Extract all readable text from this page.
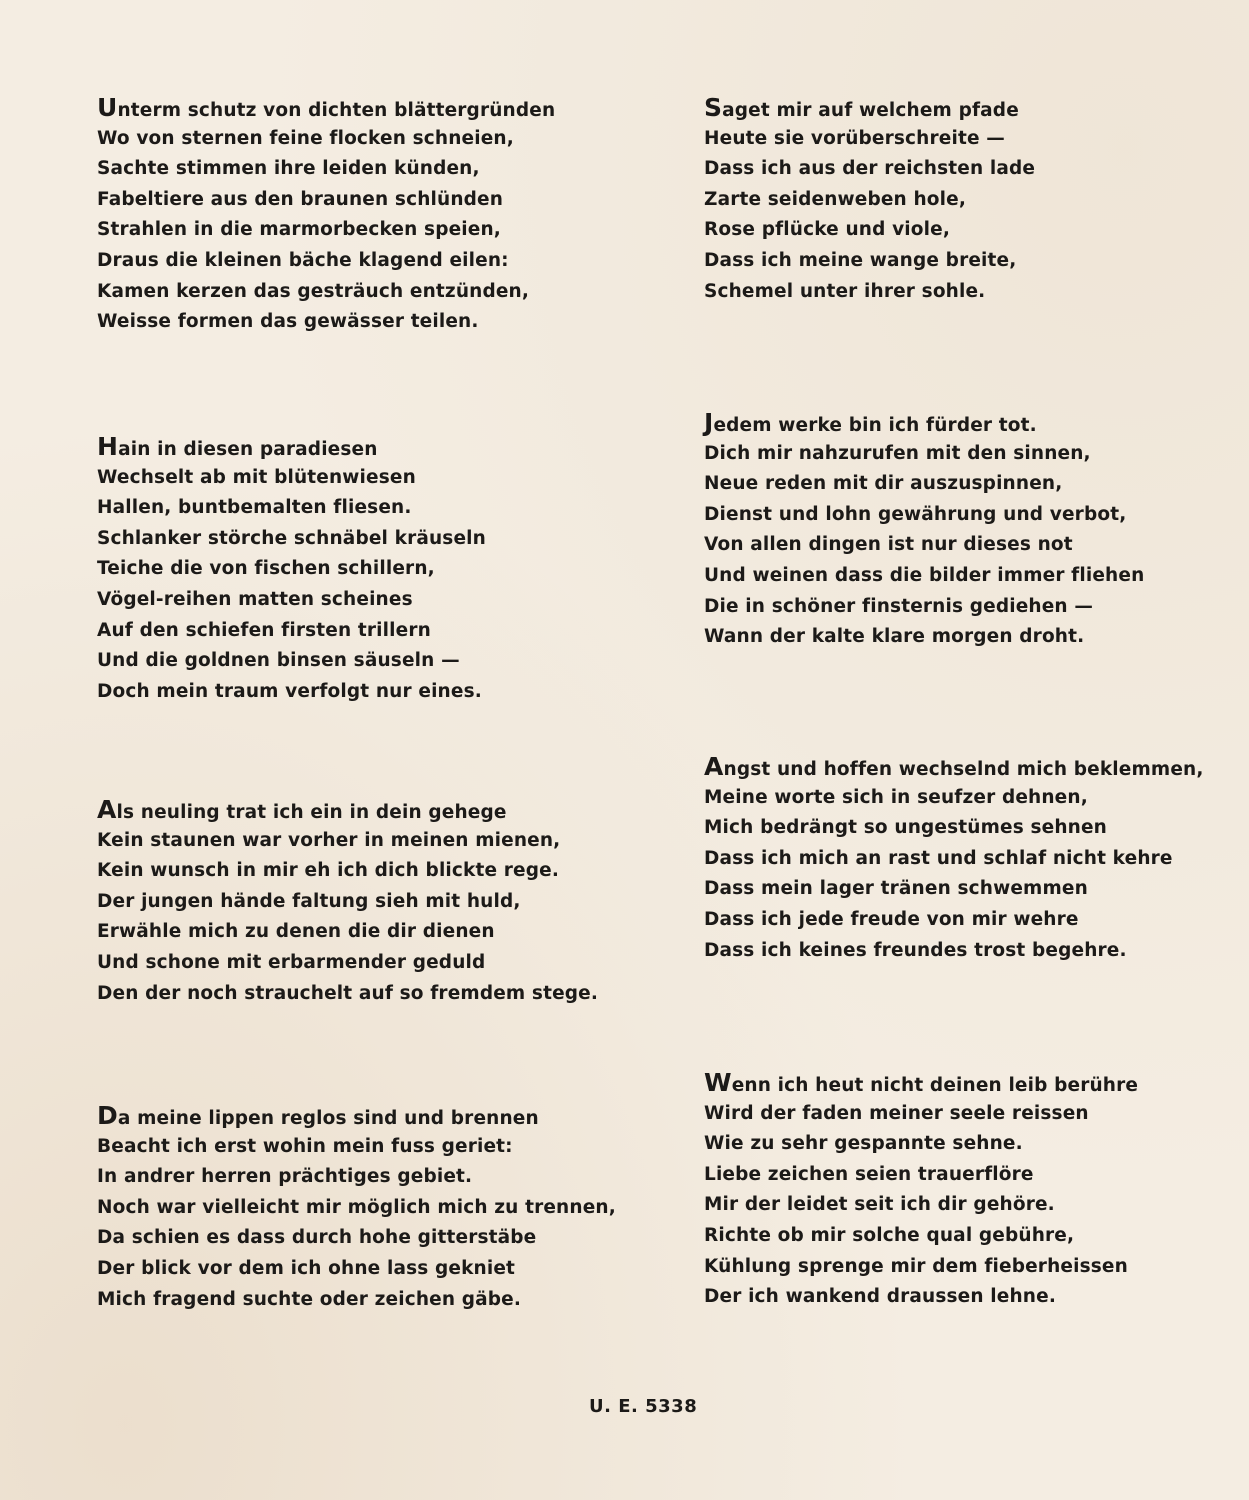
Unterm schutz von dichten blättergründen
Wo von sternen feine flocken schneien,
Sachte stimmen ihre leiden künden,
Fabeltiere aus den braunen schlünden
Strahlen in die marmorbecken speien,
Draus die kleinen bäche klagend eilen:
Kamen kerzen das gesträuch entzünden,
Weisse formen das gewässer teilen.
Hain in diesen paradiesen
Wechselt ab mit blütenwiesen
Hallen, buntbemalten fliesen.
Schlanker störche schnäbel kräuseln
Teiche die von fischen schillern,
Vögel-reihen matten scheines
Auf den schiefen firsten trillern
Und die goldnen binsen säuseln —
Doch mein traum verfolgt nur eines.
Als neuling trat ich ein in dein gehege
Kein staunen war vorher in meinen mienen,
Kein wunsch in mir eh ich dich blickte rege.
Der jungen hände faltung sieh mit huld,
Erwähle mich zu denen die dir dienen
Und schone mit erbarmender geduld
Den der noch strauchelt auf so fremdem stege.
Da meine lippen reglos sind und brennen
Beacht ich erst wohin mein fuss geriet:
In andrer herren prächtiges gebiet.
Noch war vielleicht mir möglich mich zu trennen,
Da schien es dass durch hohe gitterstäbe
Der blick vor dem ich ohne lass gekniet
Mich fragend suchte oder zeichen gäbe.
Saget mir auf welchem pfade
Heute sie vorüberschreite —
Dass ich aus der reichsten lade
Zarte seidenweben hole,
Rose pflücke und viole,
Dass ich meine wange breite,
Schemel unter ihrer sohle.
Jedem werke bin ich fürder tot.
Dich mir nahzurufen mit den sinnen,
Neue reden mit dir auszuspinnen,
Dienst und lohn gewährung und verbot,
Von allen dingen ist nur dieses not
Und weinen dass die bilder immer fliehen
Die in schöner finsternis gediehen —
Wann der kalte klare morgen droht.
Angst und hoffen wechselnd mich beklemmen,
Meine worte sich in seufzer dehnen,
Mich bedrängt so ungestümes sehnen
Dass ich mich an rast und schlaf nicht kehre
Dass mein lager tränen schwemmen
Dass ich jede freude von mir wehre
Dass ich keines freundes trost begehre.
Wenn ich heut nicht deinen leib berühre
Wird der faden meiner seele reissen
Wie zu sehr gespannte sehne.
Liebe zeichen seien trauerflöre
Mir der leidet seit ich dir gehöre.
Richte ob mir solche qual gebühre,
Kühlung sprenge mir dem fieberheissen
Der ich wankend draussen lehne.
U. E. 5338
